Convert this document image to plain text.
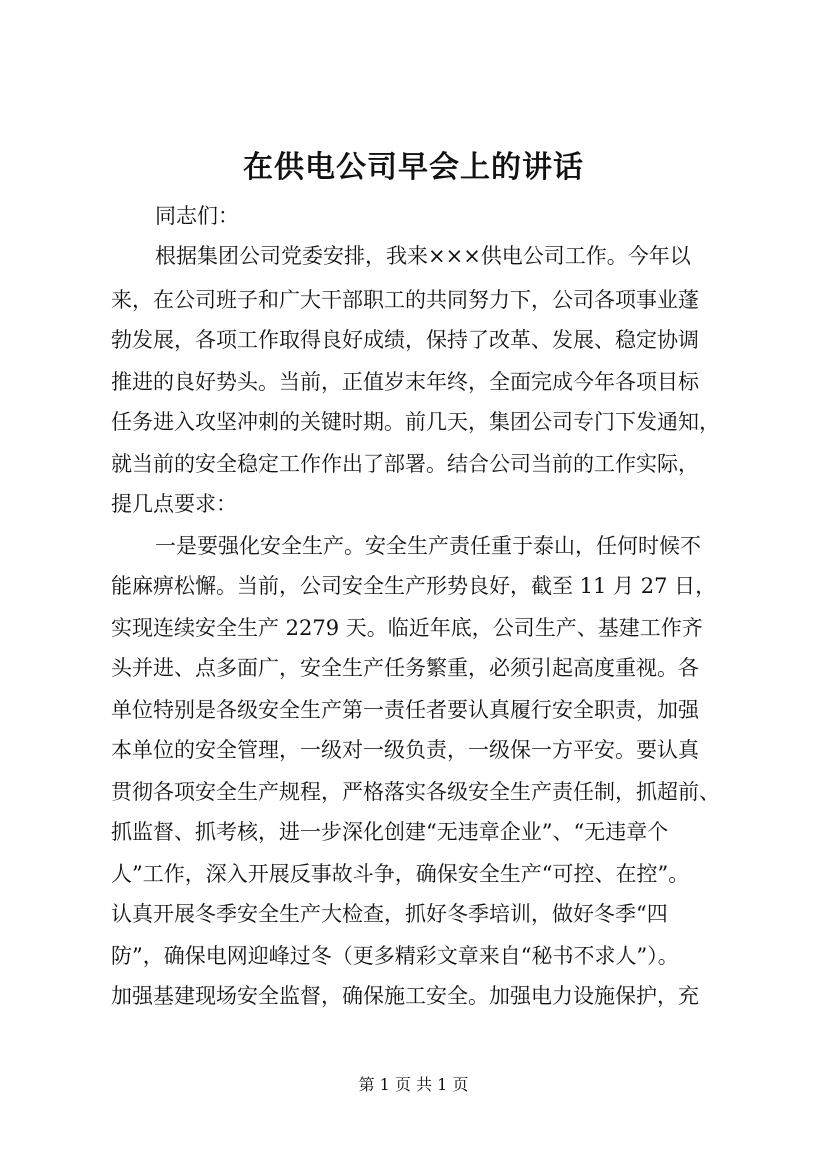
在供电公司早会上的讲话
同志们：
根据集团公司党委安排，我来×××供电公司工作。今年以
来，在公司班子和广大干部职工的共同努力下，公司各项事业蓬
勃发展，各项工作取得良好成绩，保持了改革、发展、稳定协调
推进的良好势头。当前，正值岁末年终，全面完成今年各项目标
任务进入攻坚冲刺的关键时期。前几天，集团公司专门下发通知，
就当前的安全稳定工作作出了部署。结合公司当前的工作实际，
提几点要求：
一是要强化安全生产。安全生产责任重于泰山，任何时候不
能麻痹松懈。当前，公司安全生产形势良好，截至 11 月 27 日，
实现连续安全生产 2279 天。临近年底，公司生产、基建工作齐
头并进、点多面广，安全生产任务繁重，必须引起高度重视。各
单位特别是各级安全生产第一责任者要认真履行安全职责，加强
本单位的安全管理，一级对一级负责，一级保一方平安。要认真
贯彻各项安全生产规程，严格落实各级安全生产责任制，抓超前、
抓监督、抓考核，进一步深化创建“无违章企业”、“无违章个
人”工作，深入开展反事故斗争，确保安全生产“可控、在控”。
认真开展冬季安全生产大检查，抓好冬季培训，做好冬季“四
防”，确保电网迎峰过冬（更多精彩文章来自“秘书不求人”）。
加强基建现场安全监督，确保施工安全。加强电力设施保护，充
第 1 页 共 1 页
